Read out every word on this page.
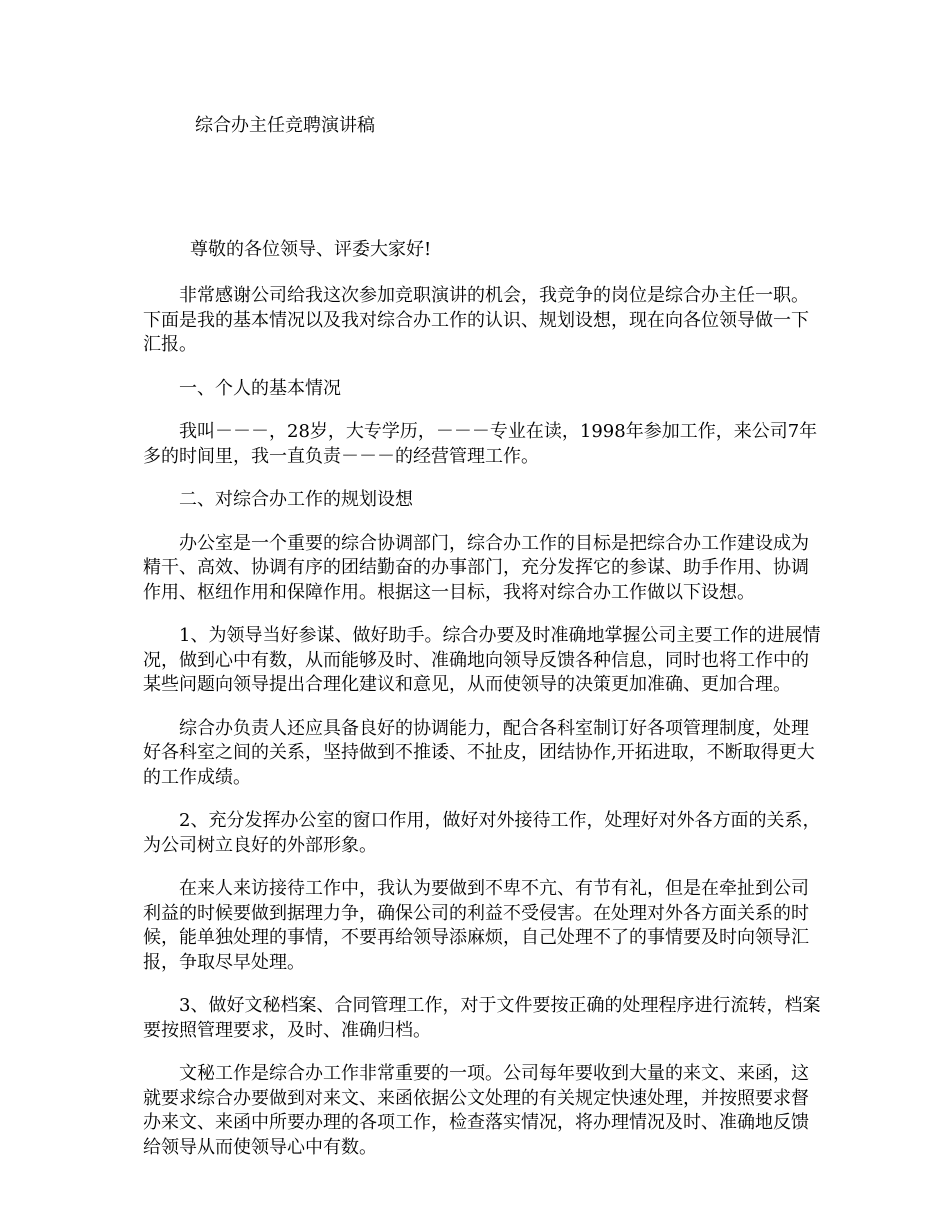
综合办主任竞聘演讲稿

尊敬的各位领导、评委大家好!

非常感谢公司给我这次参加竞职演讲的机会，我竞争的岗位是综合办主任一职。下面是我的基本情况以及我对综合办工作的认识、规划设想，现在向各位领导做一下汇报。

一、个人的基本情况

我叫－－－，28岁，大专学历，－－－专业在读，1998年参加工作，来公司7年多的时间里，我一直负责－－－的经营管理工作。

二、对综合办工作的规划设想

办公室是一个重要的综合协调部门，综合办工作的目标是把综合办工作建设成为精干、高效、协调有序的团结勤奋的办事部门，充分发挥它的参谋、助手作用、协调作用、枢纽作用和保障作用。根据这一目标，我将对综合办工作做以下设想。

1、为领导当好参谋、做好助手。综合办要及时准确地掌握公司主要工作的进展情况，做到心中有数，从而能够及时、准确地向领导反馈各种信息，同时也将工作中的某些问题向领导提出合理化建议和意见，从而使领导的决策更加准确、更加合理。

综合办负责人还应具备良好的协调能力，配合各科室制订好各项管理制度，处理好各科室之间的关系，坚持做到不推诿、不扯皮，团结协作,开拓进取，不断取得更大的工作成绩。

2、充分发挥办公室的窗口作用，做好对外接待工作，处理好对外各方面的关系，为公司树立良好的外部形象。

在来人来访接待工作中，我认为要做到不卑不亢、有节有礼，但是在牵扯到公司利益的时候要做到据理力争，确保公司的利益不受侵害。在处理对外各方面关系的时候，能单独处理的事情，不要再给领导添麻烦，自己处理不了的事情要及时向领导汇报，争取尽早处理。

3、做好文秘档案、合同管理工作，对于文件要按正确的处理程序进行流转，档案要按照管理要求，及时、准确归档。

文秘工作是综合办工作非常重要的一项。公司每年要收到大量的来文、来函，这就要求综合办要做到对来文、来函依据公文处理的有关规定快速处理，并按照要求督办来文、来函中所要办理的各项工作，检查落实情况，将办理情况及时、准确地反馈给领导从而使领导心中有数。
